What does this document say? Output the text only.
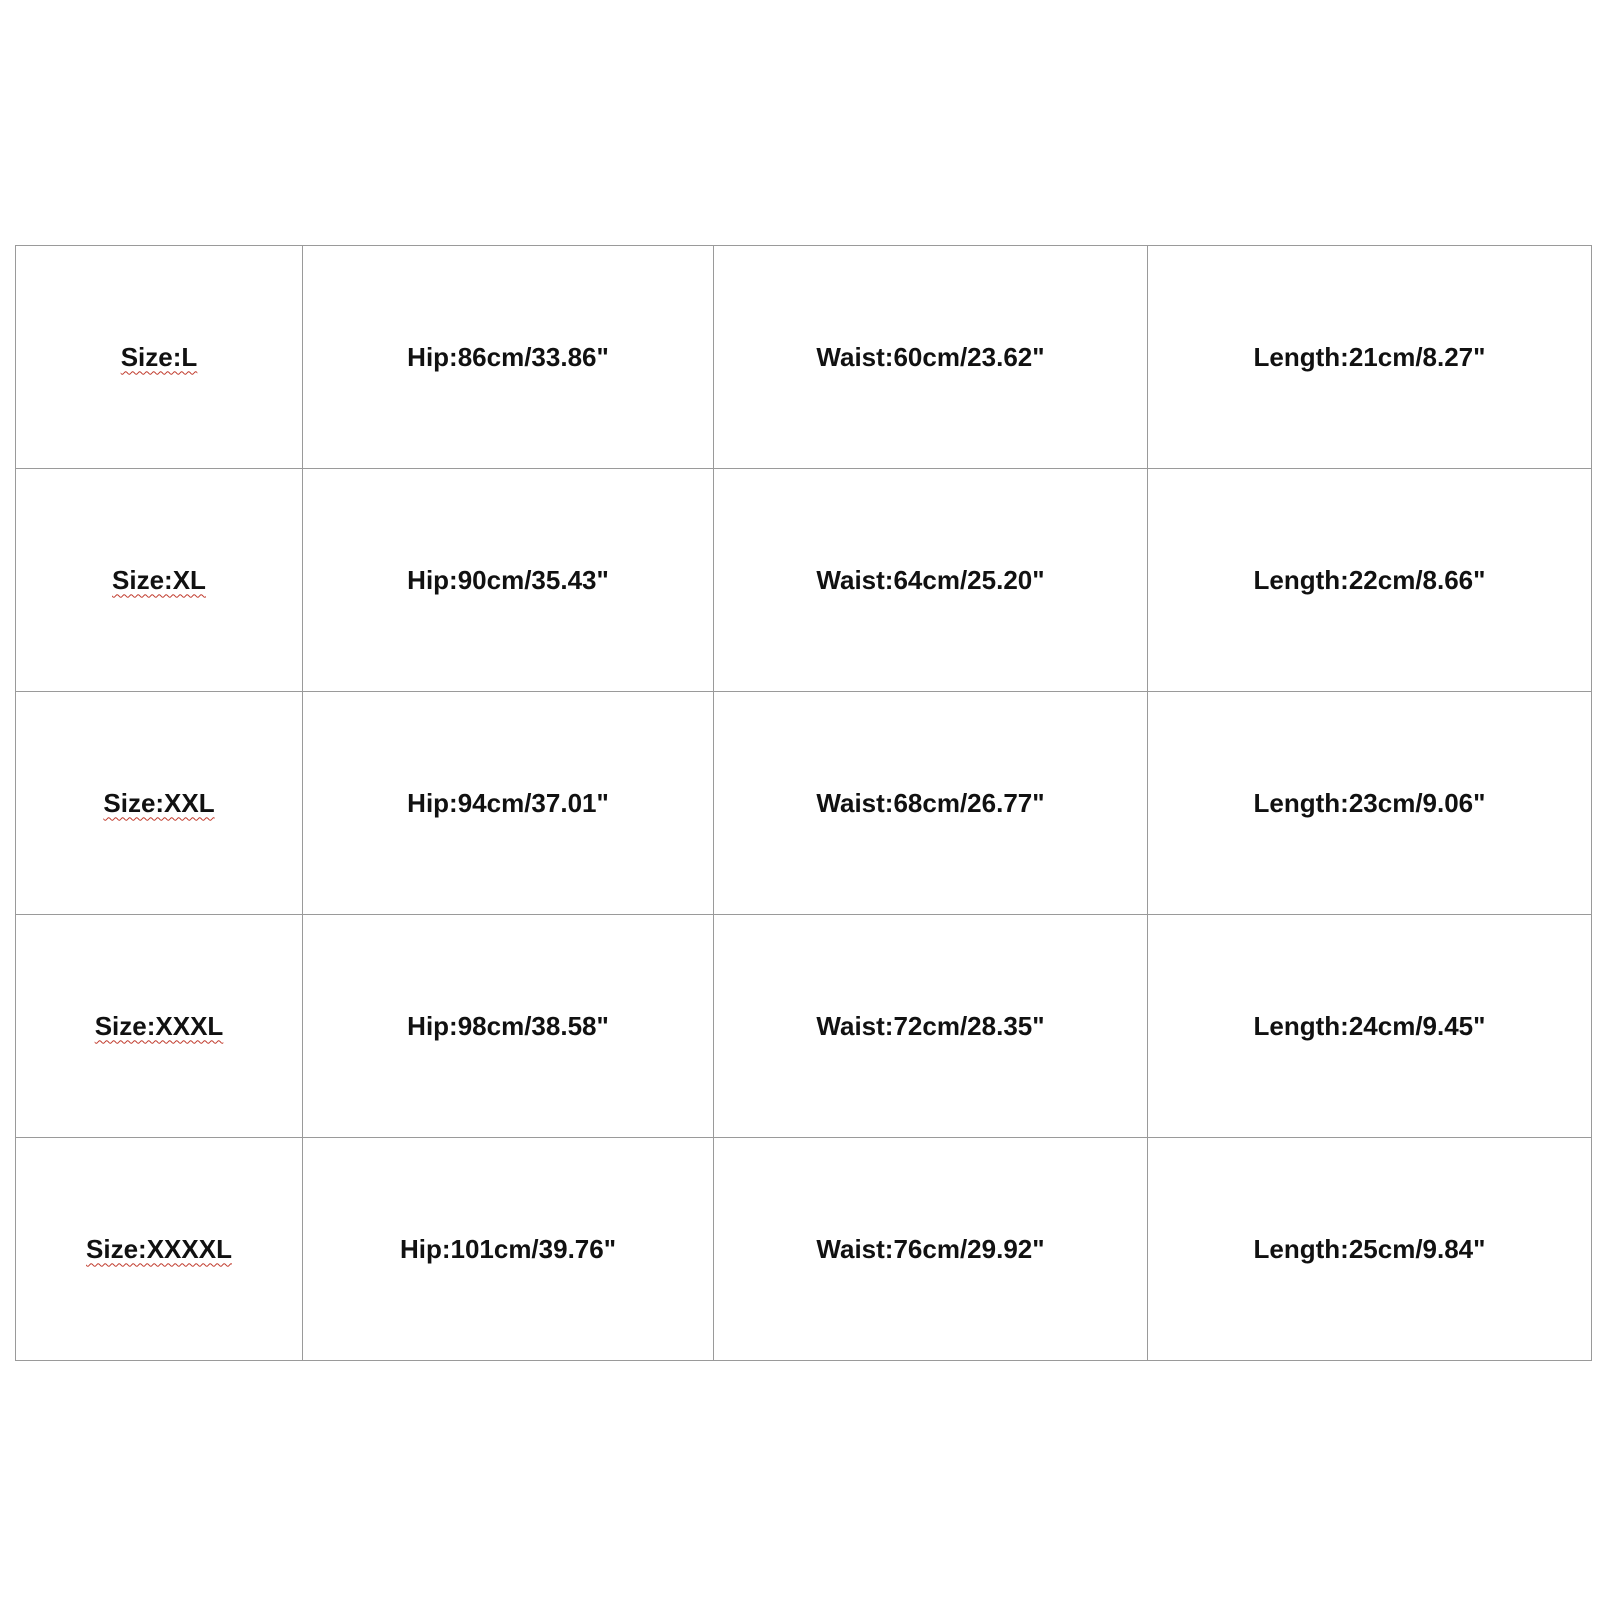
Size:L	Hip:86cm/33.86"	Waist:60cm/23.62"	Length:21cm/8.27"
Size:XL	Hip:90cm/35.43"	Waist:64cm/25.20"	Length:22cm/8.66"
Size:XXL	Hip:94cm/37.01"	Waist:68cm/26.77"	Length:23cm/9.06"
Size:XXXL	Hip:98cm/38.58"	Waist:72cm/28.35"	Length:24cm/9.45"
Size:XXXXL	Hip:101cm/39.76"	Waist:76cm/29.92"	Length:25cm/9.84"
